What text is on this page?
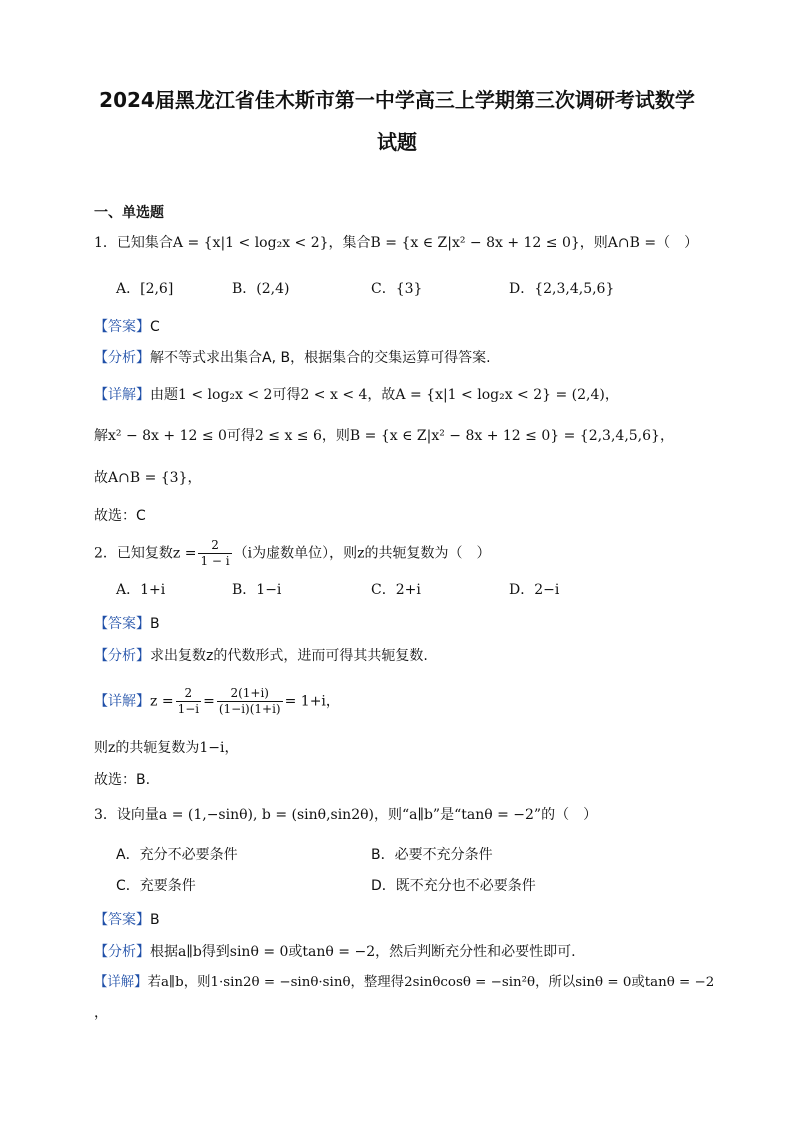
2024届黑龙江省佳木斯市第一中学高三上学期第三次调研考试数学
试题
一、单选题
1．已知集合A = {x|1 < log₂x < 2}，集合B = {x ∈ Z|x² − 8x + 12 ≤ 0}，则A∩B =（　）
A．[2,6]	B．(2,4)	C．{3}	D．{2,3,4,5,6}
【答案】C
【分析】解不等式求出集合A, B，根据集合的交集运算可得答案.
【详解】由题1 < log₂x < 2可得2 < x < 4，故A = {x|1 < log₂x < 2} = (2,4)，
解x² − 8x + 12 ≤ 0可得2 ≤ x ≤ 6，则B = {x ∈ Z|x² − 8x + 12 ≤ 0} = {2,3,4,5,6}，
故A∩B = {3}，
故选：C
2．已知复数$z = \frac{2}{1 - i} (i$为虚数单位），则z的共轭复数为（　）
A．1+i	B．1−i	C．2+i	D．2−i
【答案】B
【分析】求出复数z的代数形式，进而可得其共轭复数.
【详解】$z = \frac{2}{1-i} = \frac{2(1+i)}{(1-i)(1+i)} = 1+i$，
则z的共轭复数为1−i，
故选：B.
3．设向量a = (1,−sinθ), b = (sinθ,sin2θ)，则“a∥b”是“tanθ = −2”的（　）
A．充分不必要条件	B．必要不充分条件
C．充要条件	D．既不充分也不必要条件
【答案】B
【分析】根据a∥b得到sinθ = 0或tanθ = −2，然后判断充分性和必要性即可.
【详解】若a∥b，则1·sin2θ = −sinθ·sinθ，整理得2sinθcosθ = −sin²θ，所以sinθ = 0或tanθ = −2
，
